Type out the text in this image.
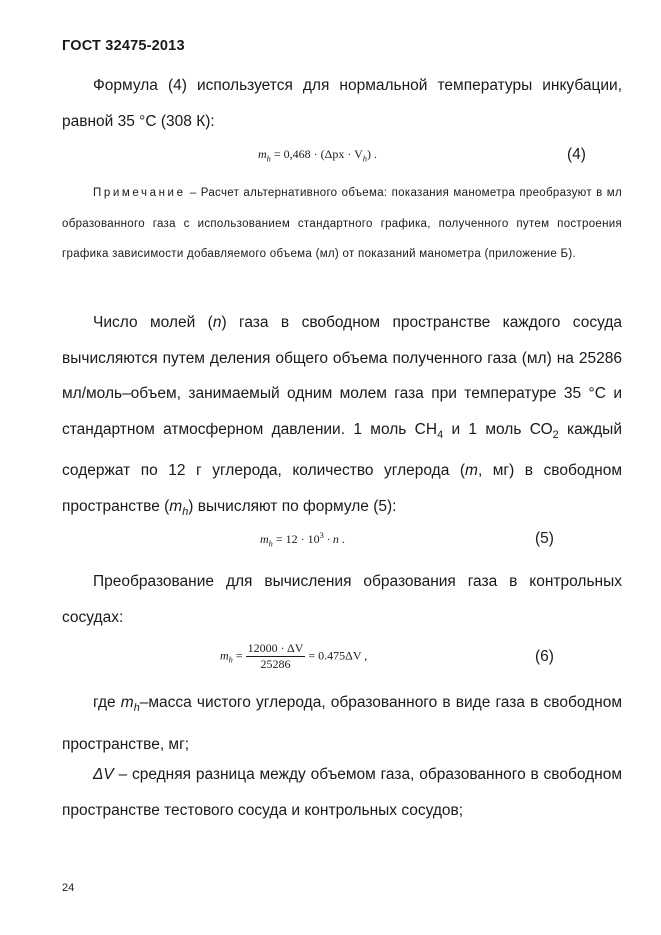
ГОСТ 32475-2013

Формула (4) используется для нормальной температуры инкубации, равной 35 °С (308 К):

$m_h = 0,468 \cdot (\Delta px \cdot V_h)$ .	(4)

Примечание – Расчет альтернативного объема: показания манометра преобразуют в мл образованного газа с использованием стандартного графика, полученного путем построения графика зависимости добавляемого объема (мл) от показаний манометра (приложение Б).

Число молей (n) газа в свободном пространстве каждого сосуда вычисляются путем деления общего объема полученного газа (мл) на 25286 мл/моль–объем, занимаемый одним молем газа при температуре 35 °С и стандартном атмосферном давлении. 1 моль $СН_4$ и 1 моль $СО_2$ каждый содержат по 12 г углерода, количество углерода (m, мг) в свободном пространстве $(m_h)$ вычисляют по формуле (5):

$m_h = 12 \cdot 10^3 \cdot n$ .	(5)

Преобразование для вычисления образования газа в контрольных сосудах:

$m_h = \frac{12000 \cdot \Delta V}{25286} = 0.475\Delta V$ ,	(6)

где $m_h$–масса чистого углерода, образованного в виде газа в свободном пространстве, мг;

ΔV – средняя разница между объемом газа, образованного в свободном пространстве тестового сосуда и контрольных сосудов;

24
